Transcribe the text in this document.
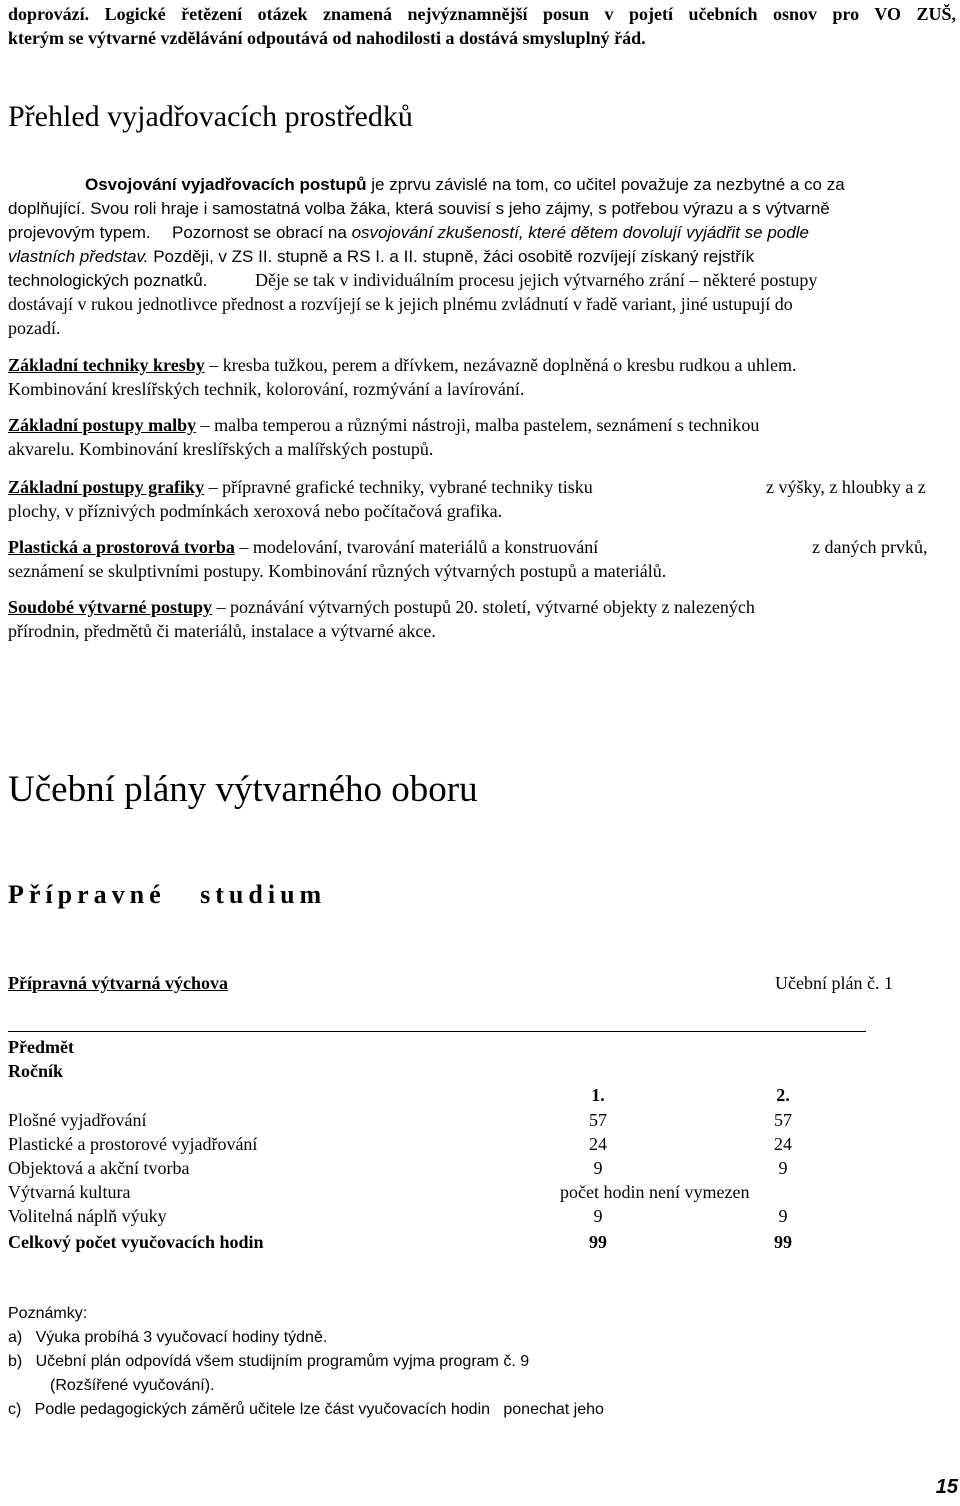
doprovází. Logické řetězení otázek znamená nejvýznamnější posun v pojetí učebních osnov pro VO ZUŠ,
kterým se výtvarné vzdělávání odpoutává od nahodilosti a dostává smysluplný řád.
Přehled vyjadřovacích prostředků
Osvojování vyjadřovacích postupů je zprvu závislé na tom, co učitel považuje za nezbytné a co za
doplňující. Svou roli hraje i samostatná volba žáka, která souvisí s jeho zájmy, s potřebou výrazu a s výtvarně
projevovým typem. Pozornost se obrací na osvojování zkušeností, které dětem dovolují vyjádřit se podle
vlastních představ. Později, v ZS II. stupně a RS I. a II. stupně, žáci osobitě rozvíjejí získaný rejstřík
technologických poznatků.	Děje se tak v individuálním procesu jejich výtvarného zrání – některé postupy
dostávají v rukou jednotlivce přednost a rozvíjejí se k jejich plnému zvládnutí v řadě variant, jiné ustupují do
pozadí.
Základní techniky kresby – kresba tužkou, perem a dřívkem, nezávazně doplněná o kresbu rudkou a uhlem.
Kombinování kreslířských technik, kolorování, rozmývání a lavírování.
Základní postupy malby – malba temperou a různými nástroji, malba pastelem, seznámení s technikou
akvarelu. Kombinování kreslířských a malířských postupů.
Základní postupy grafiky – přípravné grafické techniky, vybrané techniky tisku	z výšky, z hloubky a z
plochy, v příznivých podmínkách xeroxová nebo počítačová grafika.
Plastická a prostorová tvorba – modelování, tvarování materiálů a konstruování	z daných prvků,
seznámení se skulptivními postupy. Kombinování různých výtvarných postupů a materiálů.
Soudobé výtvarné postupy – poznávání výtvarných postupů 20. století, výtvarné objekty z nalezených
přírodnin, předmětů či materiálů, instalace a výtvarné akce.
Učební plány výtvarného oboru
Přípravné   studium
Přípravná výtvarná výchova	Učební plán č. 1
Předmět
Ročník
1.	2.
Plošné vyjadřování	57	57
Plastické a prostorové vyjadřování	24	24
Objektová a akční tvorba	9	9
Výtvarná kultura	počet hodin není vymezen
Volitelná náplň výuky	9	9
Celkový počet vyučovacích hodin	99	99
Poznámky:
a)   Výuka probíhá 3 vyučovací hodiny týdně.
b)   Učební plán odpovídá všem studijním programům vyjma program č. 9
(Rozšířené vyučování).
c)   Podle pedagogických záměrů učitele lze část vyučovacích hodin   ponechat jeho
15
